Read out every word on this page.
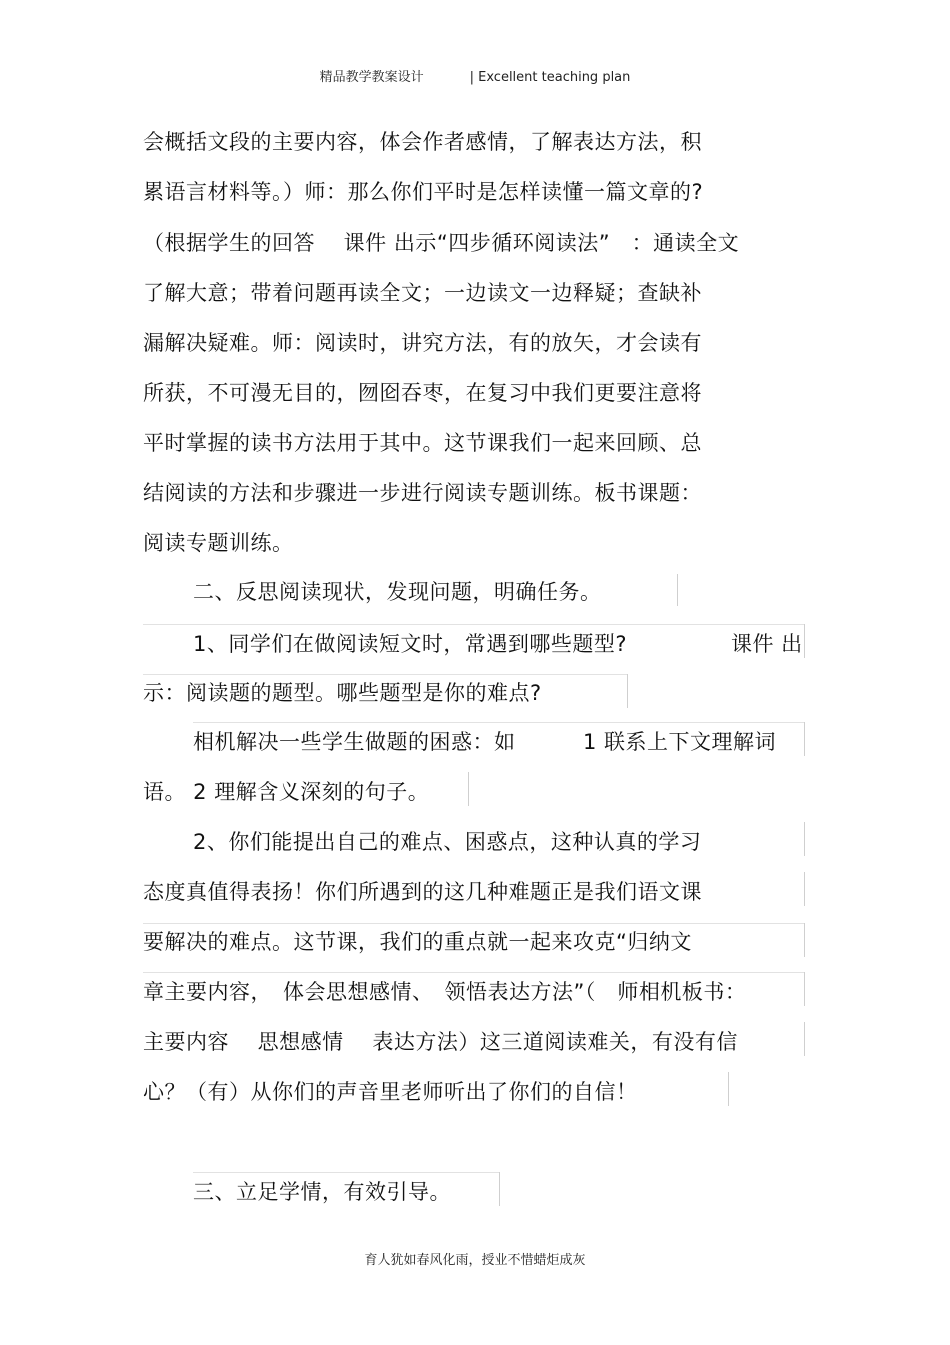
精品教学教案设计	| Excellent teaching plan
会概括文段的主要内容，体会作者感情，了解表达方法，积
累语言材料等。）师：那么你们平时是怎样读懂一篇文章的?
（根据学生的回答　 课件 出示“四步循环阅读法”　：通读全文
了解大意；带着问题再读全文；一边读文一边释疑；查缺补
漏解决疑难。师：阅读时，讲究方法，有的放矢，才会读有
所获，不可漫无目的，囫囵吞枣，在复习中我们更要注意将
平时掌握的读书方法用于其中。这节课我们一起来回顾、总
结阅读的方法和步骤进一步进行阅读专题训练。板书课题：
阅读专题训练。
二、反思阅读现状，发现问题，明确任务。
1、同学们在做阅读短文时，常遇到哪些题型?	课件 出
示：阅读题的题型。哪些题型是你的难点?
相机解决一些学生做题的困惑：如	1 联系上下文理解词
语。 2 理解含义深刻的句子。
2、你们能提出自己的难点、困惑点，这种认真的学习
态度真值得表扬！你们所遇到的这几种难题正是我们语文课
要解决的难点。这节课，我们的重点就一起来攻克“归纳文
章主要内容，　体会思想感情、　领悟表达方法”（　师相机板书：
主要内容　 思想感情　 表达方法）这三道阅读难关，有没有信
心？（有）从你们的声音里老师听出了你们的自信！
三、立足学情，有效引导。
育人犹如春风化雨，授业不惜蜡炬成灰
